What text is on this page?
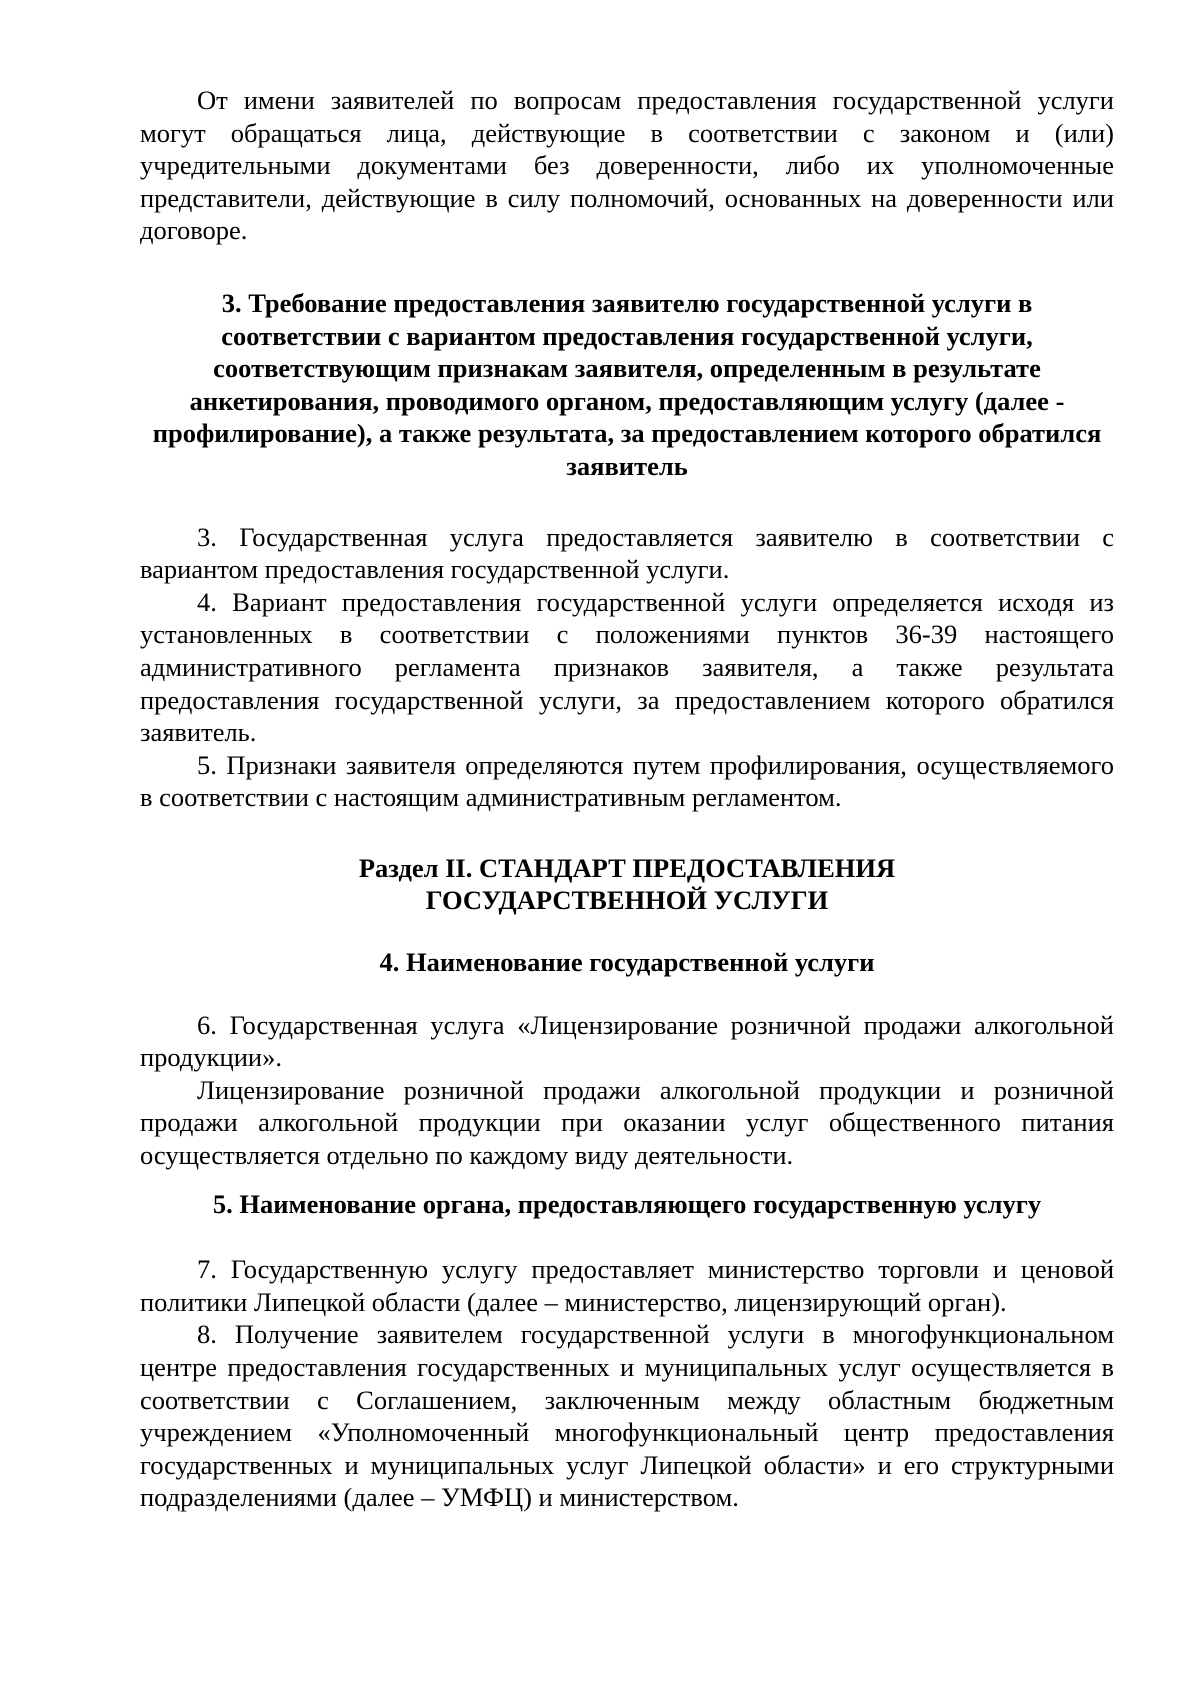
От имени заявителей по вопросам предоставления государственной услуги могут обращаться лица, действующие в соответствии с законом и (или) учредительными документами без доверенности, либо их уполномоченные представители, действующие в силу полномочий, основанных на доверенности или договоре.

3. Требование предоставления заявителю государственной услуги в соответствии с вариантом предоставления государственной услуги, соответствующим признакам заявителя, определенным в результате анкетирования, проводимого органом, предоставляющим услугу (далее - профилирование), а также результата, за предоставлением которого обратился заявитель

3. Государственная услуга предоставляется заявителю в соответствии с вариантом предоставления государственной услуги.

4. Вариант предоставления государственной услуги определяется исходя из установленных в соответствии с положениями пунктов 36-39 настоящего административного регламента признаков заявителя, а также результата предоставления государственной услуги, за предоставлением которого обратился заявитель.

5. Признаки заявителя определяются путем профилирования, осуществляемого в соответствии с настоящим административным регламентом.

Раздел II. СТАНДАРТ ПРЕДОСТАВЛЕНИЯ
ГОСУДАРСТВЕННОЙ УСЛУГИ
4. Наименование государственной услуги

6. Государственная услуга «Лицензирование розничной продажи алкогольной продукции».

Лицензирование розничной продажи алкогольной продукции и розничной продажи алкогольной продукции при оказании услуг общественного питания осуществляется отдельно по каждому виду деятельности.

5. Наименование органа, предоставляющего государственную услугу

7. Государственную услугу предоставляет министерство торговли и ценовой политики Липецкой области (далее – министерство, лицензирующий орган).

8. Получение заявителем государственной услуги в многофункциональном центре предоставления государственных и муниципальных услуг осуществляется в соответствии с Соглашением, заключенным между областным бюджетным учреждением «Уполномоченный многофункциональный центр предоставления государственных и муниципальных услуг Липецкой области» и его структурными подразделениями (далее – УМФЦ) и министерством.
